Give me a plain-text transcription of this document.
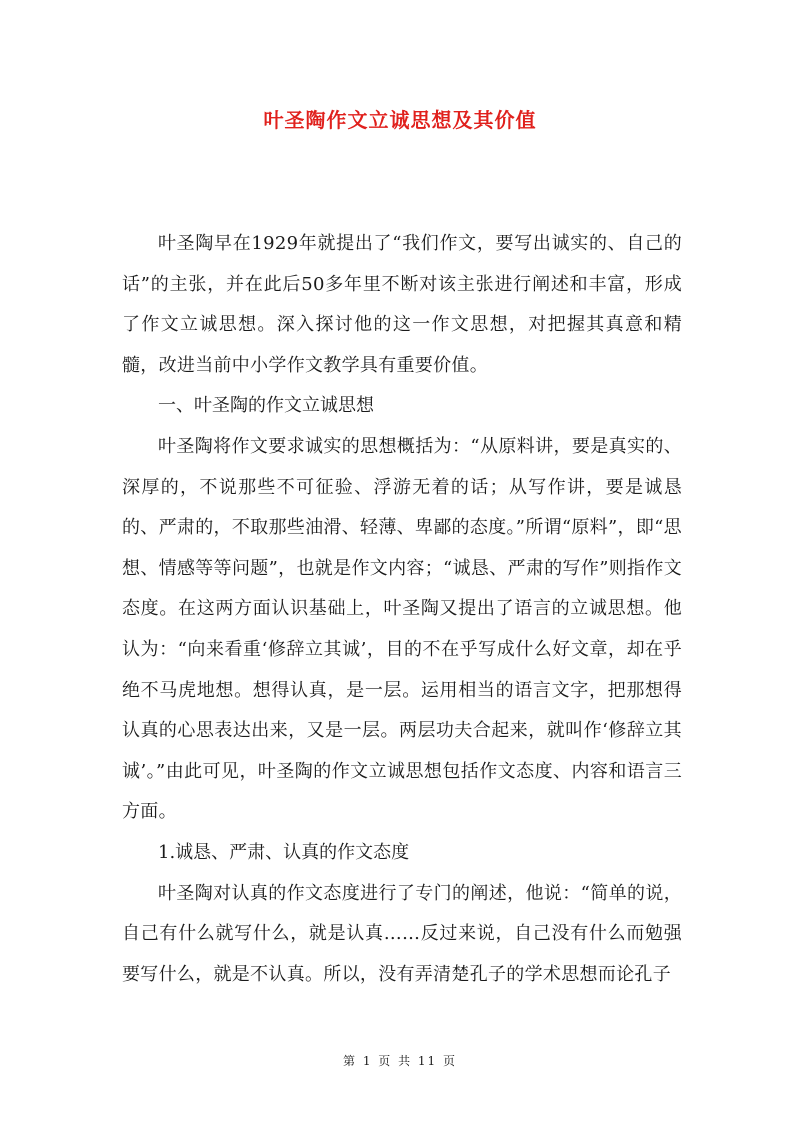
叶圣陶作文立诚思想及其价值

叶圣陶早在1929年就提出了“我们作文，要写出诚实的、自己的话”的主张，并在此后50多年里不断对该主张进行阐述和丰富，形成了作文立诚思想。深入探讨他的这一作文思想，对把握其真意和精髓，改进当前中小学作文教学具有重要价值。

一、叶圣陶的作文立诚思想

叶圣陶将作文要求诚实的思想概括为：“从原料讲，要是真实的、深厚的，不说那些不可征验、浮游无着的话；从写作讲，要是诚恳的、严肃的，不取那些油滑、轻薄、卑鄙的态度。”所谓“原料”，即“思想、情感等等问题”，也就是作文内容；“诚恳、严肃的写作”则指作文态度。在这两方面认识基础上，叶圣陶又提出了语言的立诚思想。他认为：“向来看重‘修辞立其诚’，目的不在乎写成什么好文章，却在乎绝不马虎地想。想得认真，是一层。运用相当的语言文字，把那想得认真的心思表达出来，又是一层。两层功夫合起来，就叫作‘修辞立其诚’。”由此可见，叶圣陶的作文立诚思想包括作文态度、内容和语言三方面。

1.诚恳、严肃、认真的作文态度

叶圣陶对认真的作文态度进行了专门的阐述，他说：“简单的说，自己有什么就写什么，就是认真……反过来说，自己没有什么而勉强要写什么，就是不认真。所以，没有弄清楚孔子的学术思想而论孔子

第 1 页 共 11 页
